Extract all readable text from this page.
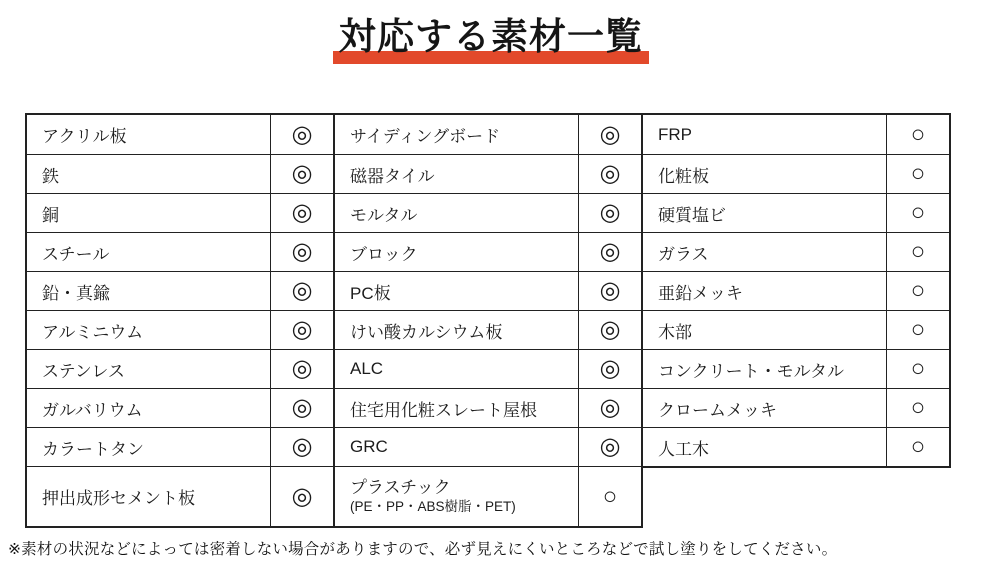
対応する素材一覧
アクリル板	◎
鉄	◎
銅	◎
スチール	◎
鉛・真鍮	◎
アルミニウム	◎
ステンレス	◎
ガルバリウム	◎
カラートタン	◎
押出成形セメント板	◎
サイディングボード	◎
磁器タイル	◎
モルタル	◎
ブロック	◎
PC板	◎
けい酸カルシウム板	◎
ALC	◎
住宅用化粧スレート屋根	◎
GRC	◎
プラスチック
(PE・PP・ABS樹脂・PET)	○
FRP	○
化粧板	○
硬質塩ビ	○
ガラス	○
亜鉛メッキ	○
木部	○
コンクリート・モルタル	○
クロームメッキ	○
人工木	○
※素材の状況などによっては密着しない場合がありますので、必ず見えにくいところなどで試し塗りをしてください。
